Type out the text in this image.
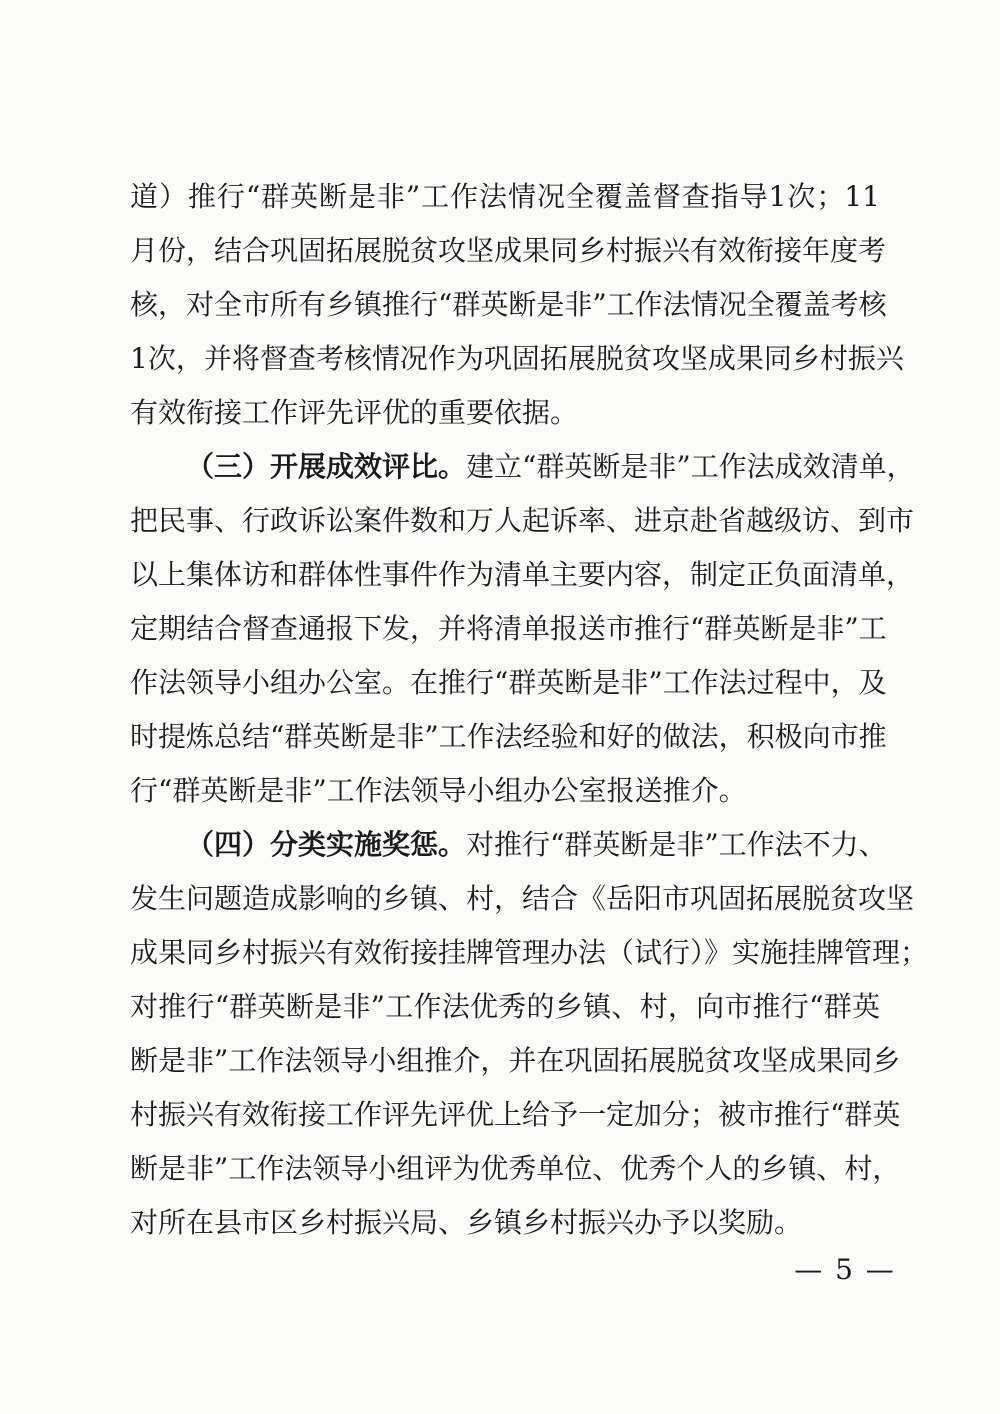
道）推行“群英断是非”工作法情况全覆盖督查指导1次；11
月份，结合巩固拓展脱贫攻坚成果同乡村振兴有效衔接年度考
核，对全市所有乡镇推行“群英断是非”工作法情况全覆盖考核
1次，并将督查考核情况作为巩固拓展脱贫攻坚成果同乡村振兴
有效衔接工作评先评优的重要依据。
（三）开展成效评比。建立“群英断是非”工作法成效清单，
把民事、行政诉讼案件数和万人起诉率、进京赴省越级访、到市
以上集体访和群体性事件作为清单主要内容，制定正负面清单，
定期结合督查通报下发，并将清单报送市推行“群英断是非”工
作法领导小组办公室。在推行“群英断是非”工作法过程中，及
时提炼总结“群英断是非”工作法经验和好的做法，积极向市推
行“群英断是非”工作法领导小组办公室报送推介。
（四）分类实施奖惩。对推行“群英断是非”工作法不力、
发生问题造成影响的乡镇、村，结合《岳阳市巩固拓展脱贫攻坚
成果同乡村振兴有效衔接挂牌管理办法（试行）》实施挂牌管理；
对推行“群英断是非”工作法优秀的乡镇、村，向市推行“群英
断是非”工作法领导小组推介，并在巩固拓展脱贫攻坚成果同乡
村振兴有效衔接工作评先评优上给予一定加分；被市推行“群英
断是非”工作法领导小组评为优秀单位、优秀个人的乡镇、村，
对所在县市区乡村振兴局、乡镇乡村振兴办予以奖励。
— 5 —
